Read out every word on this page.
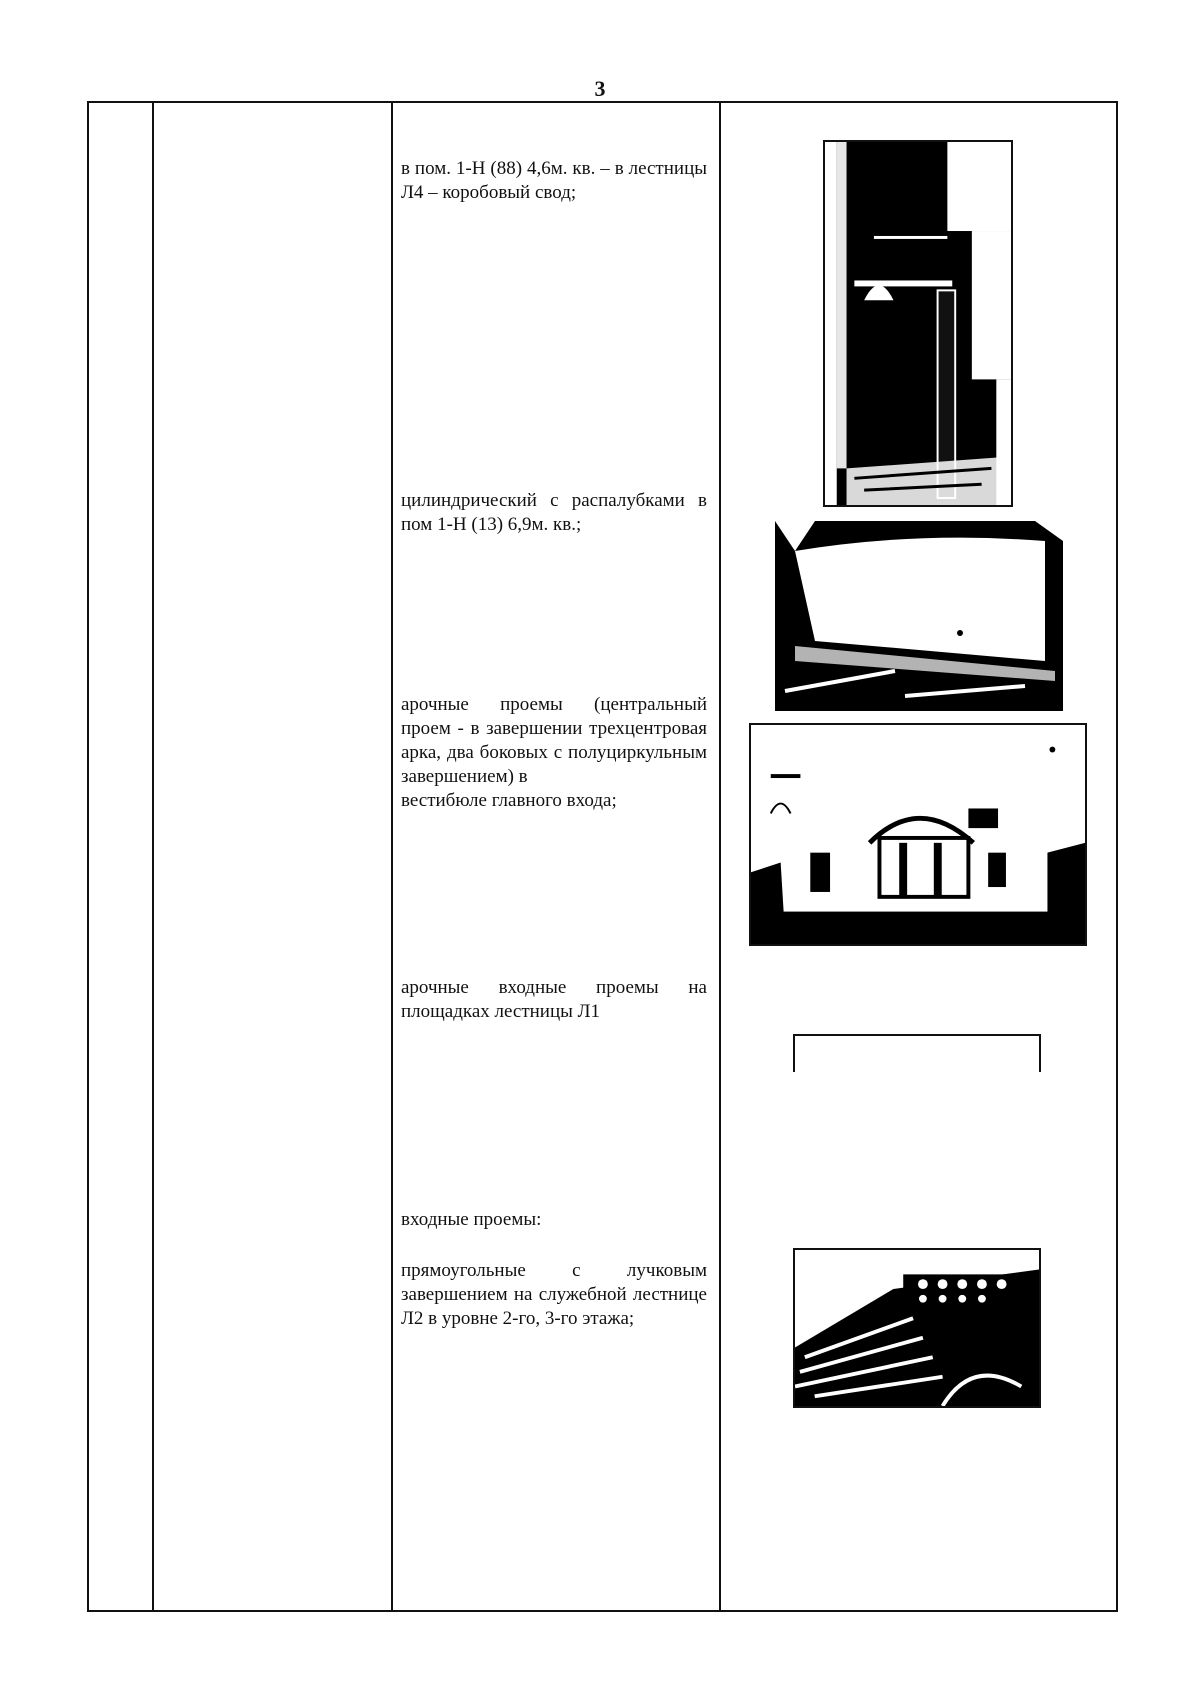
3

в пом. 1-Н (88) 4,6м. кв. – в лестницы Л4 – коробовый свод;

цилиндрический с распалубками в пом 1-Н (13) 6,9м. кв.;

арочные проемы (центральный проем - в завершении трехцентровая арка, два боковых с полуциркульным завершением) в

вестибюле главного входа;

арочные входные проемы на площадках лестницы Л1

входные проемы:

прямоугольные с лучковым завершением на служебной лестнице Л2 в уровне 2-го, 3-го этажа;
